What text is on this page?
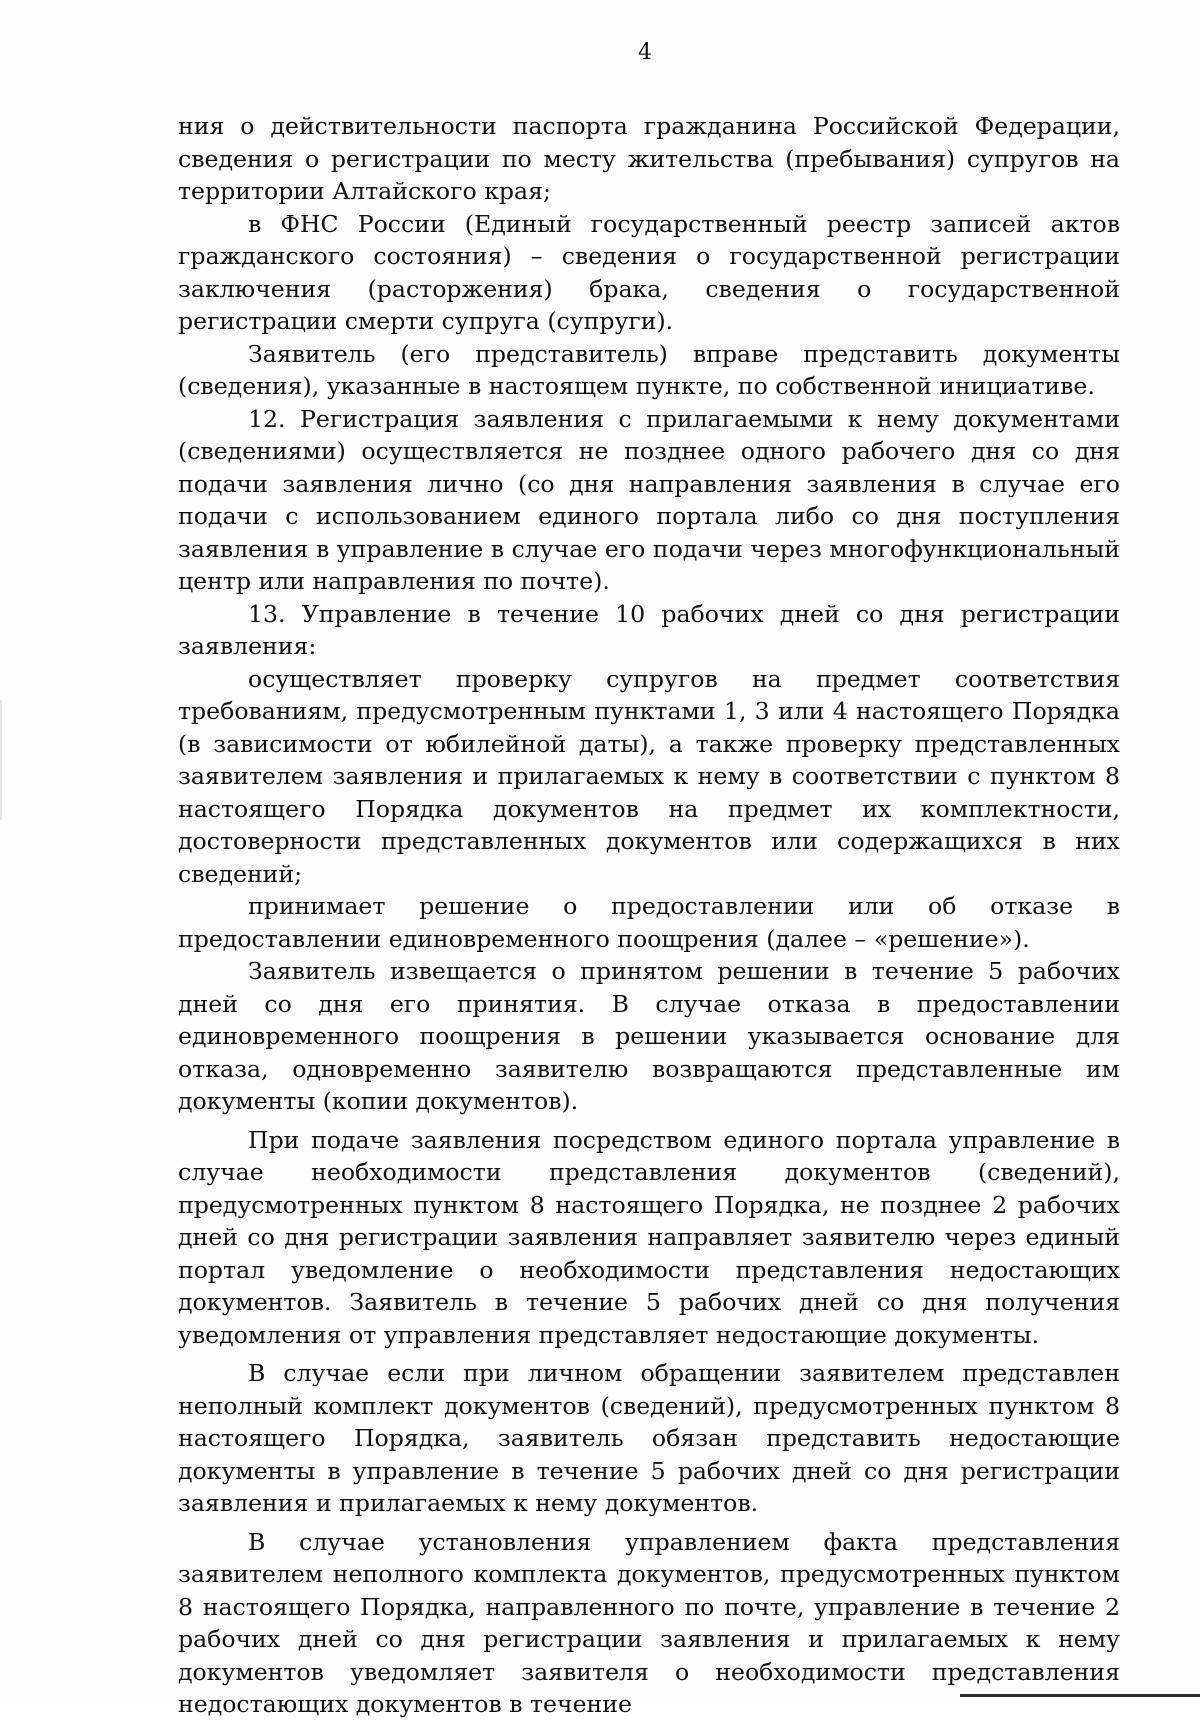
4

ния о действительности паспорта гражданина Российской Федерации, сведения о регистрации по месту жительства (пребывания) супругов на территории Алтайского края;

в ФНС России (Единый государственный реестр записей актов гражданского состояния) – сведения о государственной регистрации заключения (расторжения) брака, сведения о государственной регистрации смерти супруга (супруги).

Заявитель (его представитель) вправе представить документы (сведения), указанные в настоящем пункте, по собственной инициативе.

12. Регистрация заявления с прилагаемыми к нему документами (сведениями) осуществляется не позднее одного рабочего дня со дня подачи заявления лично (со дня направления заявления в случае его подачи с использованием единого портала либо со дня поступления заявления в управление в случае его подачи через многофункциональный центр или направления по почте).

13. Управление в течение 10 рабочих дней со дня регистрации заявления:

осуществляет проверку супругов на предмет соответствия требованиям, предусмотренным пунктами 1, 3 или 4 настоящего Порядка (в зависимости от юбилейной даты), а также проверку представленных заявителем заявления и прилагаемых к нему в соответствии с пунктом 8 настоящего Порядка документов на предмет их комплектности, достоверности представленных документов или содержащихся в них сведений;

принимает решение о предоставлении или об отказе в предоставлении единовременного поощрения (далее – «решение»).

Заявитель извещается о принятом решении в течение 5 рабочих дней со дня его принятия. В случае отказа в предоставлении единовременного поощрения в решении указывается основание для отказа, одновременно заявителю возвращаются представленные им документы (копии документов).

При подаче заявления посредством единого портала управление в случае необходимости представления документов (сведений), предусмотренных пунктом 8 настоящего Порядка, не позднее 2 рабочих дней со дня регистрации заявления направляет заявителю через единый портал уведомление о необходимости представления недостающих документов. Заявитель в течение 5 рабочих дней со дня получения уведомления от управления представляет недостающие документы.

В случае если при личном обращении заявителем представлен неполный комплект документов (сведений), предусмотренных пунктом 8 настоящего Порядка, заявитель обязан представить недостающие документы в управление в течение 5 рабочих дней со дня регистрации заявления и прилагаемых к нему документов.

В случае установления управлением факта представления заявителем неполного комплекта документов, предусмотренных пунктом 8 настоящего Порядка, направленного по почте, управление в течение 2 рабочих дней со дня регистрации заявления и прилагаемых к нему документов уведомляет заявителя о необходимости представления недостающих документов в течение
